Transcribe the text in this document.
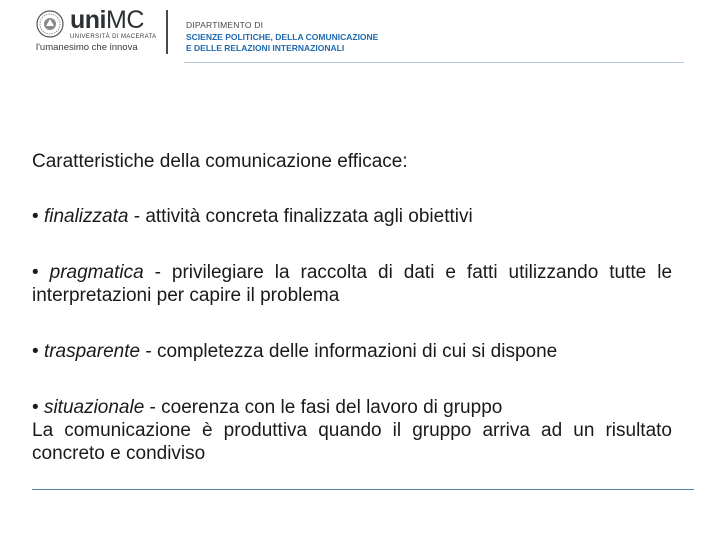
uniMC
UNIVERSITÀ DI MACERATA
l'umanesimo che innova
DIPARTIMENTO DI
SCIENZE POLITICHE, DELLA COMUNICAZIONE
E DELLE RELAZIONI INTERNAZIONALI

Caratteristiche della comunicazione efficace:

• finalizzata - attività concreta finalizzata agli obiettivi

• pragmatica - privilegiare la raccolta di dati e fatti utilizzando tutte le interpretazioni per capire il problema

• trasparente - completezza delle informazioni di cui si dispone

• situazionale - coerenza con le fasi del lavoro di gruppo

La comunicazione è produttiva quando il gruppo arriva ad un risultato concreto e condiviso
